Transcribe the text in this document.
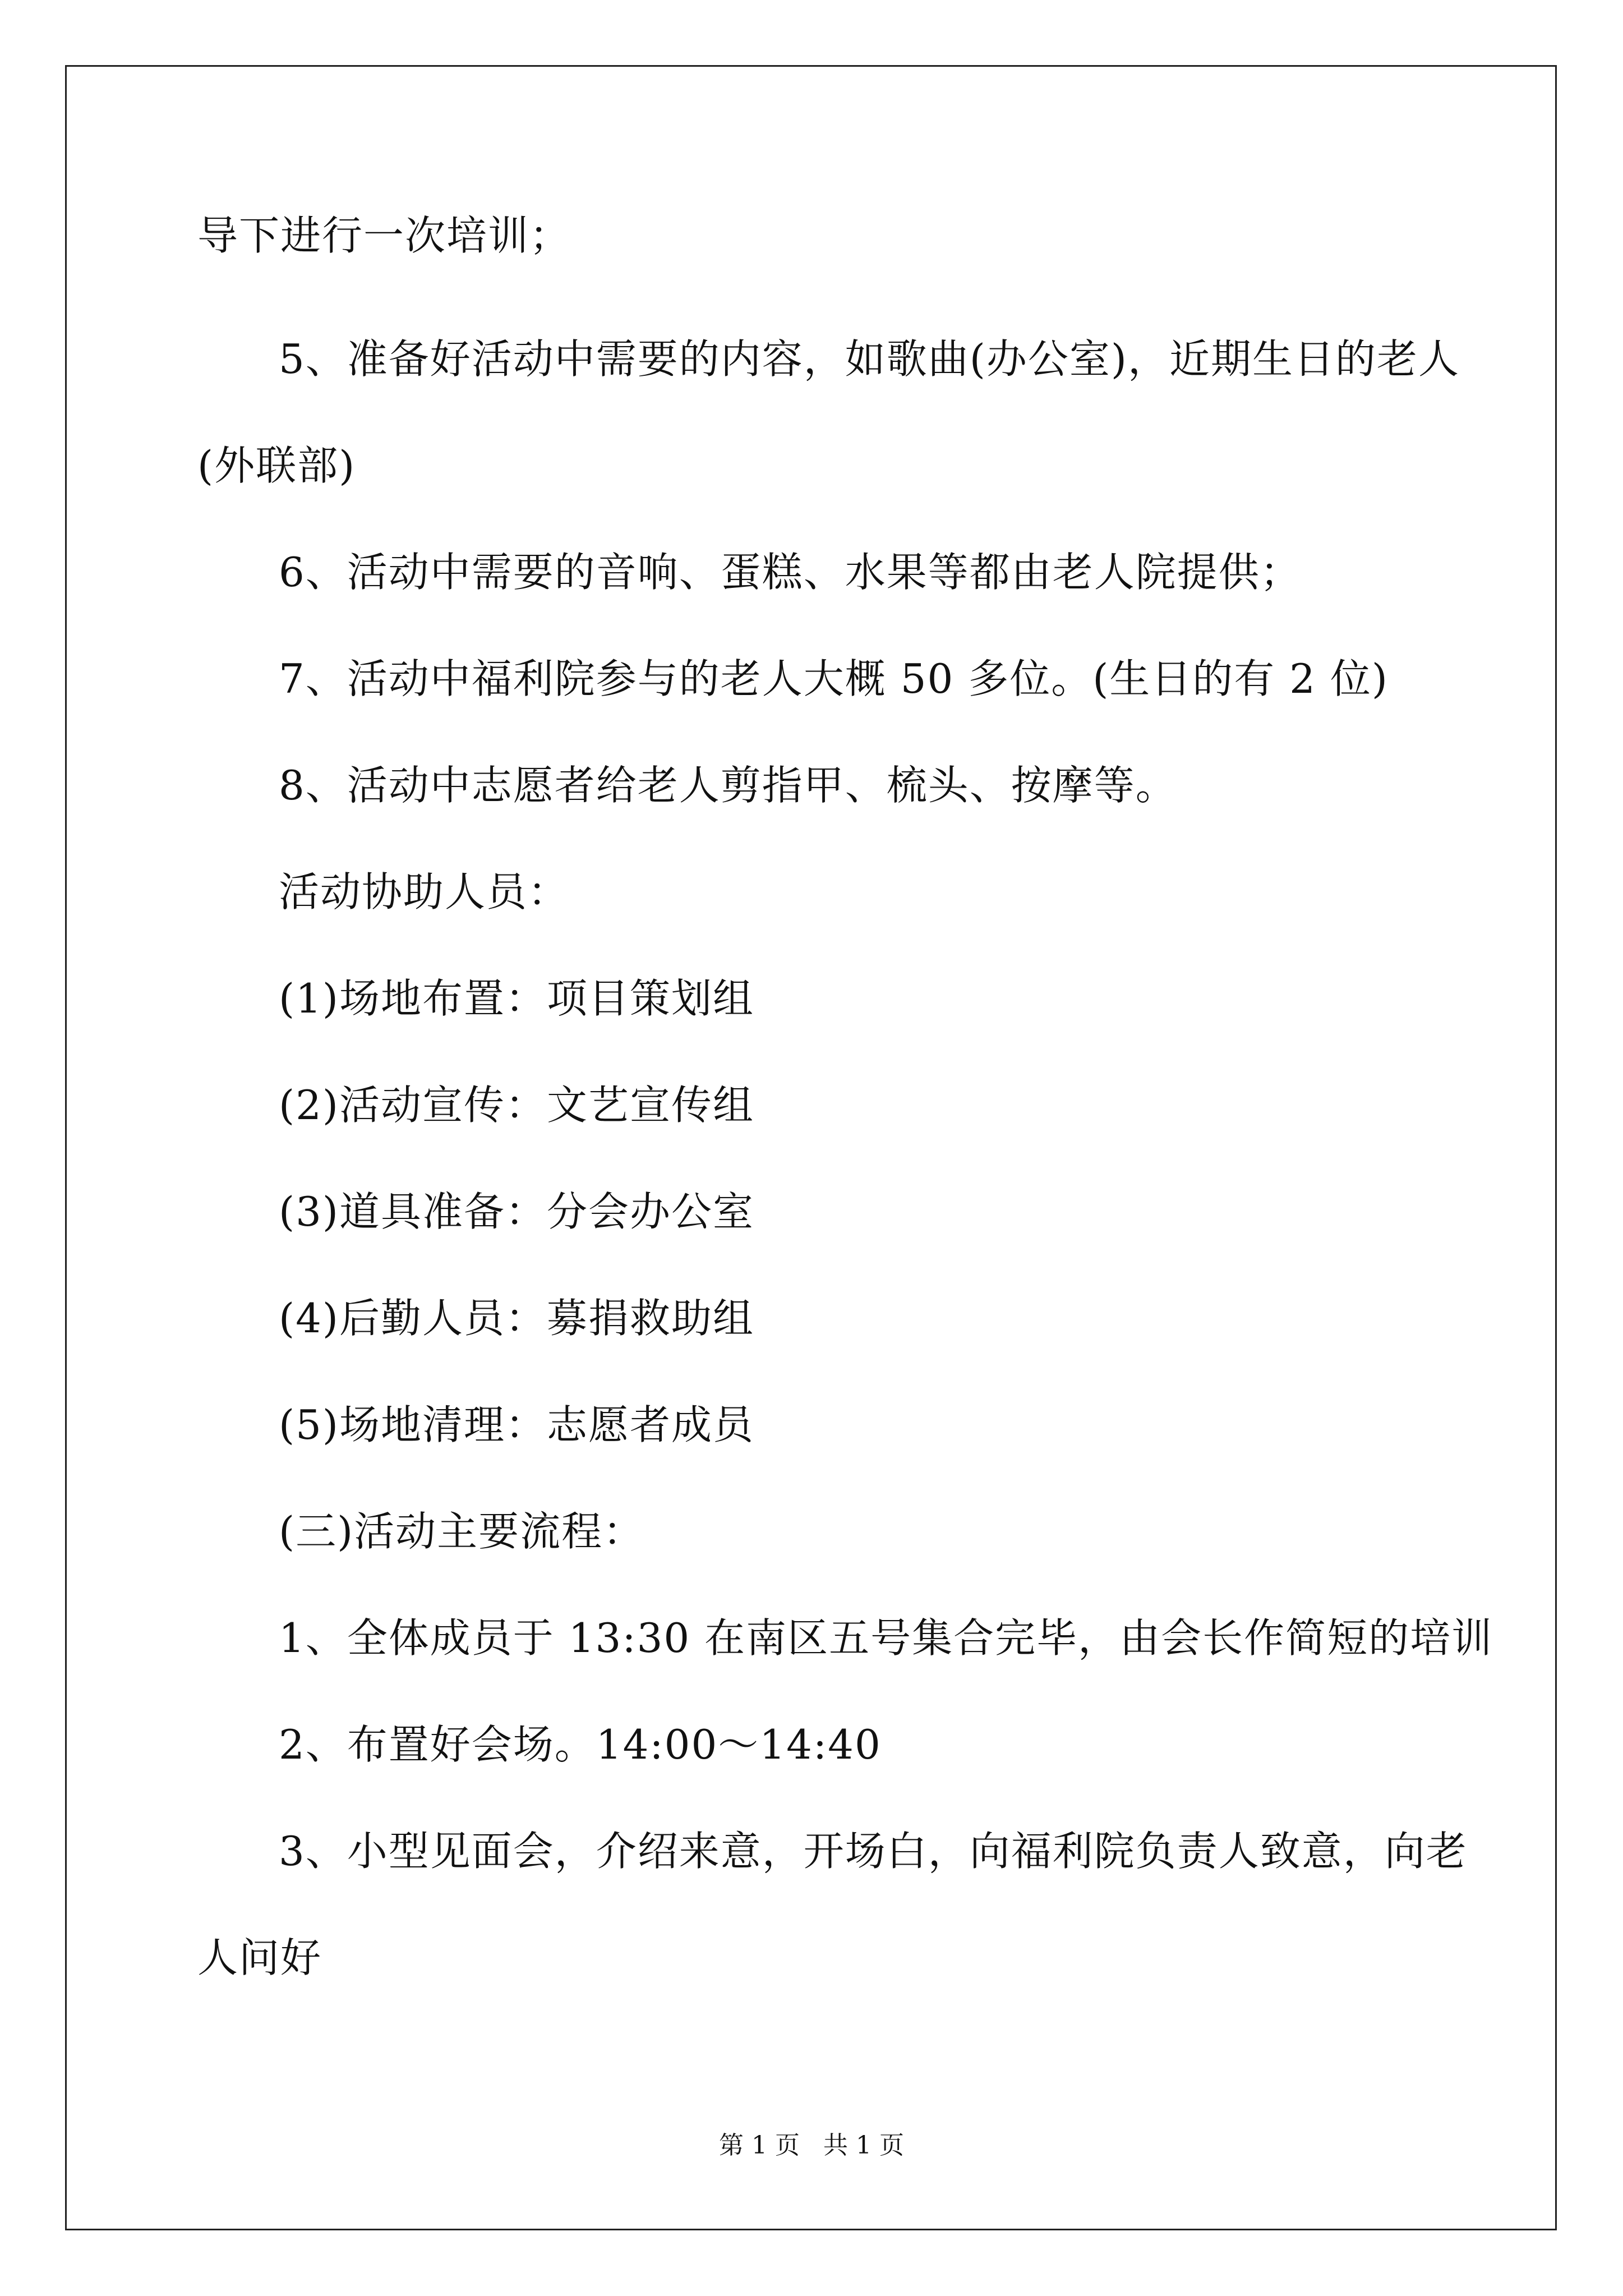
导下进行一次培训；
5、准备好活动中需要的内容，如歌曲(办公室)，近期生日的老人
(外联部)
6、活动中需要的音响、蛋糕、水果等都由老人院提供；
7、活动中福利院参与的老人大概 50 多位。(生日的有 2 位)
8、活动中志愿者给老人剪指甲、梳头、按摩等。
活动协助人员：
(1)场地布置：项目策划组
(2)活动宣传：文艺宣传组
(3)道具准备：分会办公室
(4)后勤人员：募捐救助组
(5)场地清理：志愿者成员
(三)活动主要流程：
1、全体成员于 13:30 在南区五号集合完毕，由会长作简短的培训
2、布置好会场。14:00～14:40
3、小型见面会，介绍来意，开场白，向福利院负责人致意，向老
人问好
第 1 页   共 1 页
